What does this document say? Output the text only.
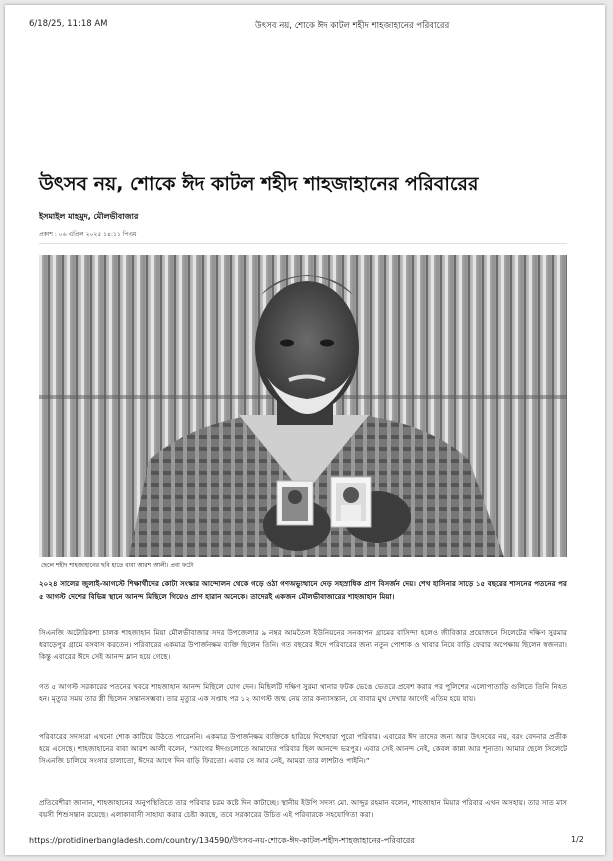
6/18/25, 11:18 AM	উৎসব নয়, শোকে ঈদ কাটল শহীদ শাহজাহানের পরিবারের
উৎসব নয়, শোকে ঈদ কাটল শহীদ শাহজাহানের পরিবারের
ইসমাইল মাহমুদ, মৌলভীবাজার
প্রকাশ : ০৬ এপ্রিল ২০২৫ ১৪:১১ পিএম
ছেলে শহীদ শাহজাহানের ছবি হাতে বাবা আরশ আলী। প্রবা ফটো

২০২৪ সালের জুলাই-আগস্টে শিক্ষার্থীদের কোটা সংস্কার আন্দোলন থেকে গড়ে ওঠা গণঅভ্যুত্থানে দেড় সহস্রাধিক প্রাণ বিসর্জন দেয়। শেখ হাসিনার সাড়ে ১৫ বছরের শাসনের পতনের পর ৫ আগস্ট দেশের বিভিন্ন স্থানে আনন্দ মিছিলে গিয়েও প্রাণ হারান অনেকে। তাদেরই একজন মৌলভীবাজারের শাহজাহান মিয়া।

সিএনজি অটোরিকশা চালক শাহজাহান মিয়া মৌলভীবাজার সদর উপজেলার ৯ নম্বর আমতৈল ইউনিয়নের সনকাপন গ্রামের বাসিন্দা হলেও জীবিকার প্রয়োজনে সিলেটের দক্ষিণ সুরমার ধরাড়েপুর গ্রামে বসবাস করতেন। পরিবারের একমাত্র উপার্জনক্ষম ব্যক্তি ছিলেন তিনি। গত বছরের ঈদে পরিবারের জন্য নতুন পোশাক ও খাবার নিয়ে বাড়ি ফেরার অপেক্ষায় ছিলেন স্বজনরা। কিন্তু এবারের ঈদে সেই আনন্দ ম্লান হয়ে গেছে।

গত ৫ আগস্ট সরকারের পতনের খবরে শাহজাহান আনন্দ মিছিলে যোগ দেন। মিছিলটি দক্ষিণ সুরমা থানার ফটক ভেঙে ভেতরে প্রবেশ করার পর পুলিশের এলোপাতাড়ি গুলিতে তিনি নিহত হন। মৃত্যুর সময় তার স্ত্রী ছিলেন সন্তানসম্ভবা। তার মৃত্যুর এক সপ্তাহ পর ১২ আগস্ট জন্ম নেয় তার কন্যাসন্তান, যে বাবার মুখ দেখার আগেই এতিম হয়ে যায়।

পরিবারের সদস্যরা এখনো শোক কাটিয়ে উঠতে পারেননি। একমাত্র উপার্জনক্ষম ব্যক্তিকে হারিয়ে দিশেহারা পুরো পরিবার। এবারের ঈদ তাদের জন্য আর উৎসবের নয়, বরং বেদনার প্রতীক হয়ে এসেছে। শাহজাহানের বাবা আরশ আলী বলেন, “আগের ঈদগুলোতে আমাদের পরিবার ছিল আনন্দে ভরপুর। এবার সেই আনন্দ নেই, কেবল কান্না আর শূন্যতা। আমার ছেলে সিলেটে সিএনজি চালিয়ে সংসার চালাতো, ঈদের আগে দিন বাড়ি ফিরতো। এবার সে আর নেই, আমরা তার লাশটাও পাইনি।”

প্রতিবেশীরা জানান, শাহজাহানের অনুপস্থিতিতে তার পরিবার চরম কষ্টে দিন কাটাচ্ছে। স্থানীয় ইউপি সদস্য মো. আব্দুর রহমান বলেন, শাহজাহান মিয়ার পরিবার এখন অসহায়। তার সাত মাস বয়সী শিশুসন্তান রয়েছে। এলাকাবাসী সাহায্য করার চেষ্টা করছে, তবে সরকারের উচিত এই পরিবারকে সহযোগিতা করা।

https://protidinerbangladesh.com/country/134590/উৎসব-নয়-শোকে-ঈদ-কাটল-শহীদ-শাহজাহানের-পরিবারের	1/2
